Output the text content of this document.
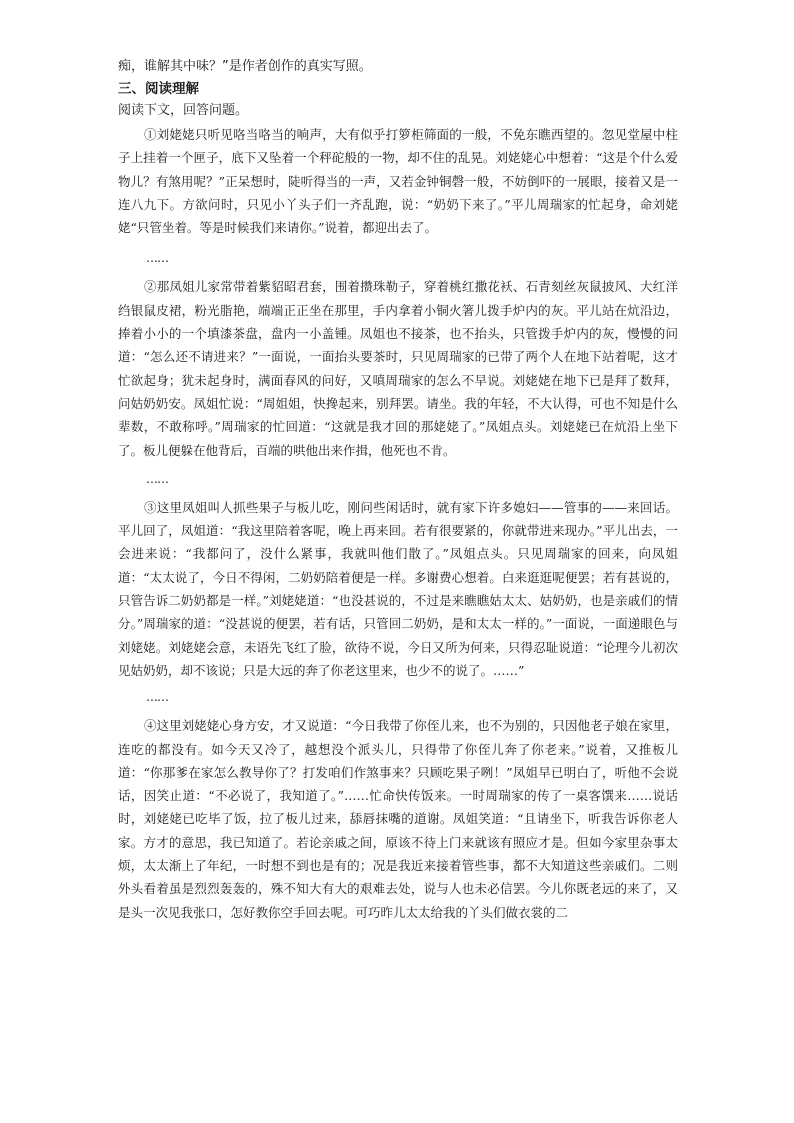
痴，谁解其中味？”是作者创作的真实写照。

三、阅读理解

阅读下文，回答问题。

①刘姥姥只听见咯当咯当的响声，大有似乎打箩柜筛面的一般，不免东瞧西望的。忽见堂屋中柱子上挂着一个匣子，底下又坠着一个秤砣般的一物，却不住的乱晃。刘姥姥心中想着：“这是个什么爱物儿？有煞用呢？”正呆想时，陡听得当的一声，又若金钟铜磬一般，不妨倒吓的一展眼，接着又是一连八九下。方欲问时，只见小丫头子们一齐乱跑，说：“奶奶下来了。”平儿周瑞家的忙起身，命刘姥姥“只管坐着。等是时候我们来请你。”说着，都迎出去了。

……

②那凤姐儿家常带着紫貂昭君套，围着攒珠勒子，穿着桃红撒花袄、石青刻丝灰鼠披风、大红洋绉银鼠皮裙，粉光脂艳，端端正正坐在那里，手内拿着小铜火箸儿拨手炉内的灰。平儿站在炕沿边，捧着小小的一个填漆茶盘，盘内一小盖锺。凤姐也不接茶，也不抬头，只管拨手炉内的灰，慢慢的问道：“怎么还不请进来？”一面说，一面抬头要茶时，只见周瑞家的已带了两个人在地下站着呢，这才忙欲起身；犹未起身时，满面春风的问好，又嗔周瑞家的怎么不早说。刘姥姥在地下已是拜了数拜，问姑奶奶安。凤姐忙说：“周姐姐，快搀起来，别拜罢。请坐。我的年轻，不大认得，可也不知是什么辈数，不敢称呼。”周瑞家的忙回道：“这就是我才回的那姥姥了。”凤姐点头。刘姥姥已在炕沿上坐下了。板儿便躲在他背后，百端的哄他出来作揖，他死也不肯。

……

③这里凤姐叫人抓些果子与板儿吃，刚问些闲话时，就有家下许多媳妇——管事的——来回话。平儿回了，凤姐道：“我这里陪着客呢，晚上再来回。若有很要紧的，你就带进来现办。”平儿出去，一会进来说：“我都问了，没什么紧事，我就叫他们散了。”凤姐点头。只见周瑞家的回来，向凤姐道：“太太说了，今日不得闲，二奶奶陪着便是一样。多谢费心想着。白来逛逛呢便罢；若有甚说的，只管告诉二奶奶都是一样。”刘姥姥道：“也没甚说的，不过是来瞧瞧姑太太、姑奶奶，也是亲戚们的情分。”周瑞家的道：“没甚说的便罢，若有话，只管回二奶奶，是和太太一样的。”一面说，一面递眼色与刘姥姥。刘姥姥会意，未语先飞红了脸，欲待不说，今日又所为何来，只得忍耻说道：“论理今儿初次见姑奶奶，却不该说；只是大远的奔了你老这里来，也少不的说了。……”

……

④这里刘姥姥心身方安，才又说道：“今日我带了你侄儿来，也不为别的，只因他老子娘在家里，连吃的都没有。如今天又冷了，越想没个派头儿，只得带了你侄儿奔了你老来。”说着，又推板儿道：“你那爹在家怎么教导你了？打发咱们作煞事来？只顾吃果子咧！”凤姐早已明白了，听他不会说话，因笑止道：“不必说了，我知道了。”……忙命快传饭来。一时周瑞家的传了一桌客馔来……说话时，刘姥姥已吃毕了饭，拉了板儿过来，舔唇抹嘴的道谢。凤姐笑道：“且请坐下，听我告诉你老人家。方才的意思，我已知道了。若论亲戚之间，原该不待上门来就该有照应才是。但如今家里杂事太烦，太太渐上了年纪，一时想不到也是有的；况是我近来接着管些事，都不大知道这些亲戚们。二则外头看着虽是烈烈轰轰的，殊不知大有大的艰难去处，说与人也未必信罢。今儿你既老远的来了，又是头一次见我张口，怎好教你空手回去呢。可巧昨儿太太给我的丫头们做衣裳的二
